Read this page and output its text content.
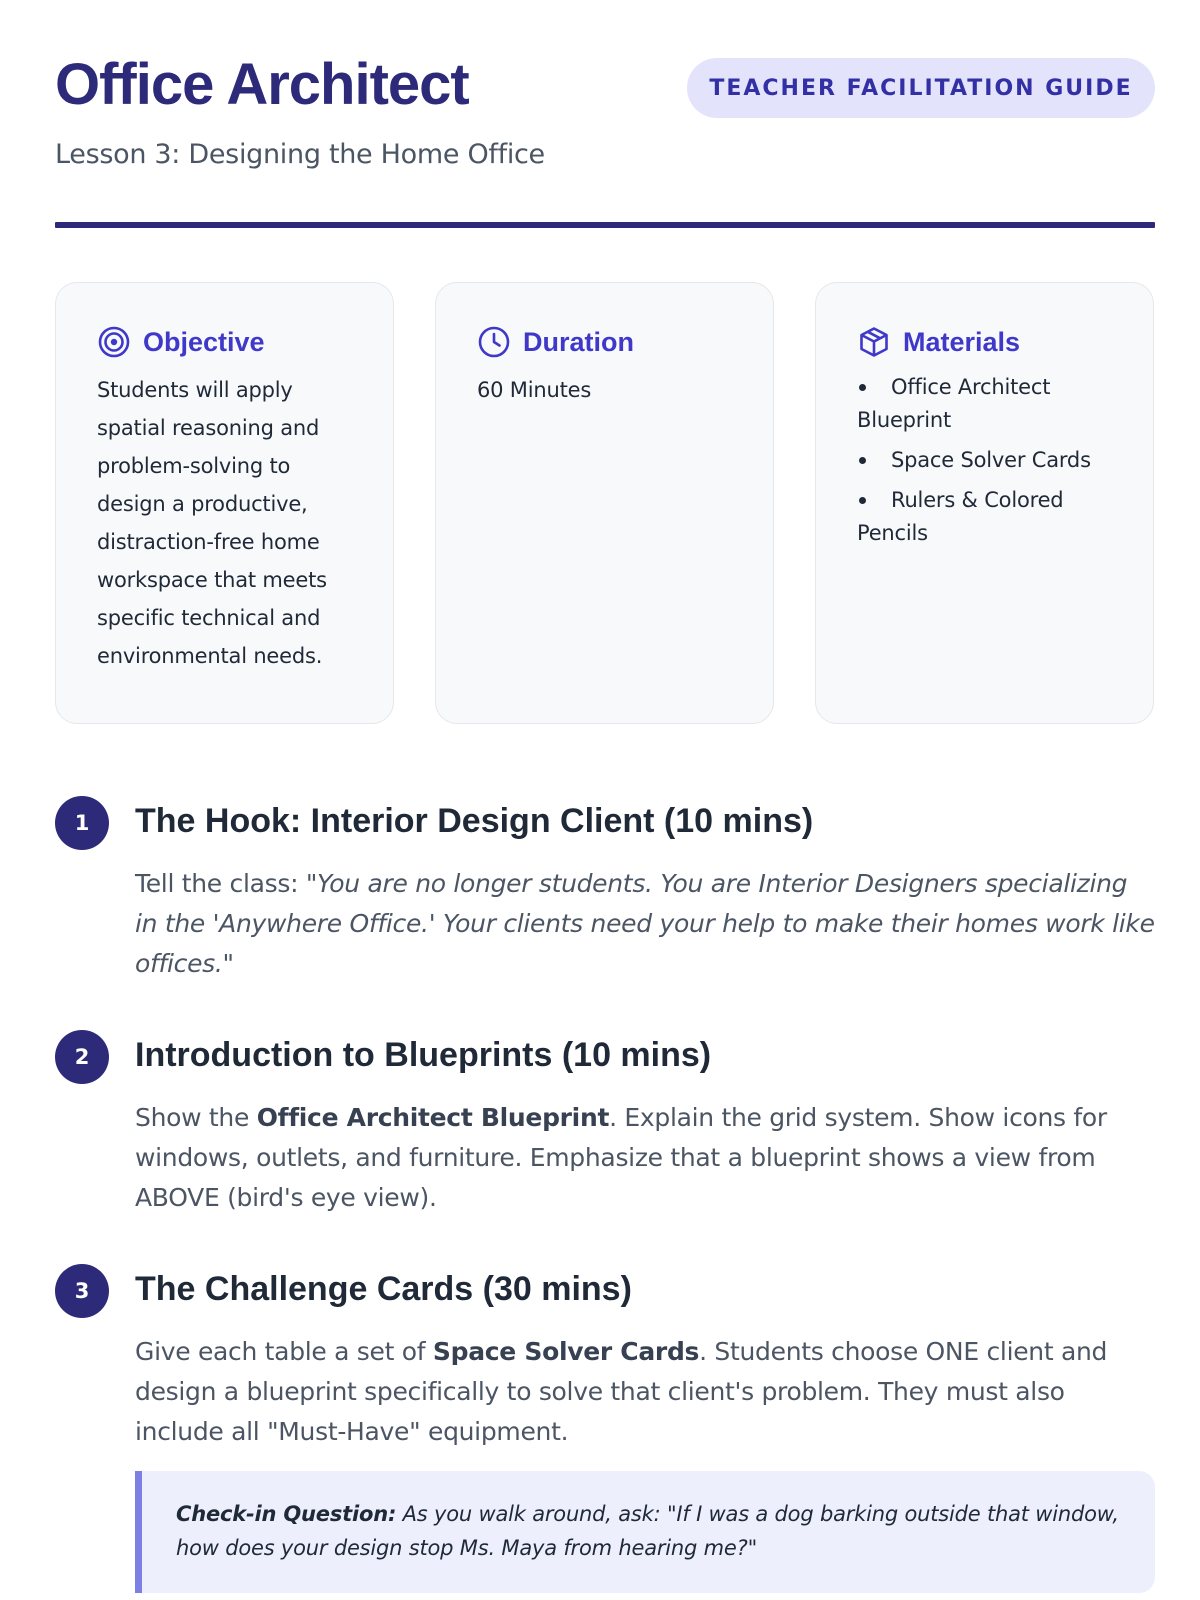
Office Architect
Lesson 3: Designing the Home Office
TEACHER FACILITATION GUIDE
Objective

Students will apply spatial reasoning and problem-solving to design a productive, distraction-free home workspace that meets specific technical and environmental needs.

Duration

60 Minutes

Materials
Office Architect Blueprint
Space Solver Cards
Rulers & Colored Pencils
1	The Hook: Interior Design Client (10 mins)

Tell the class: "You are no longer students. You are Interior Designers specializing in the 'Anywhere Office.' Your clients need your help to make their homes work like offices."

2	Introduction to Blueprints (10 mins)

Show the Office Architect Blueprint. Explain the grid system. Show icons for windows, outlets, and furniture. Emphasize that a blueprint shows a view from ABOVE (bird's eye view).

3	The Challenge Cards (30 mins)

Give each table a set of Space Solver Cards. Students choose ONE client and design a blueprint specifically to solve that client's problem. They must also include all "Must-Have" equipment.

Check-in Question: As you walk around, ask: "If I was a dog barking outside that window, how does your design stop Ms. Maya from hearing me?"
